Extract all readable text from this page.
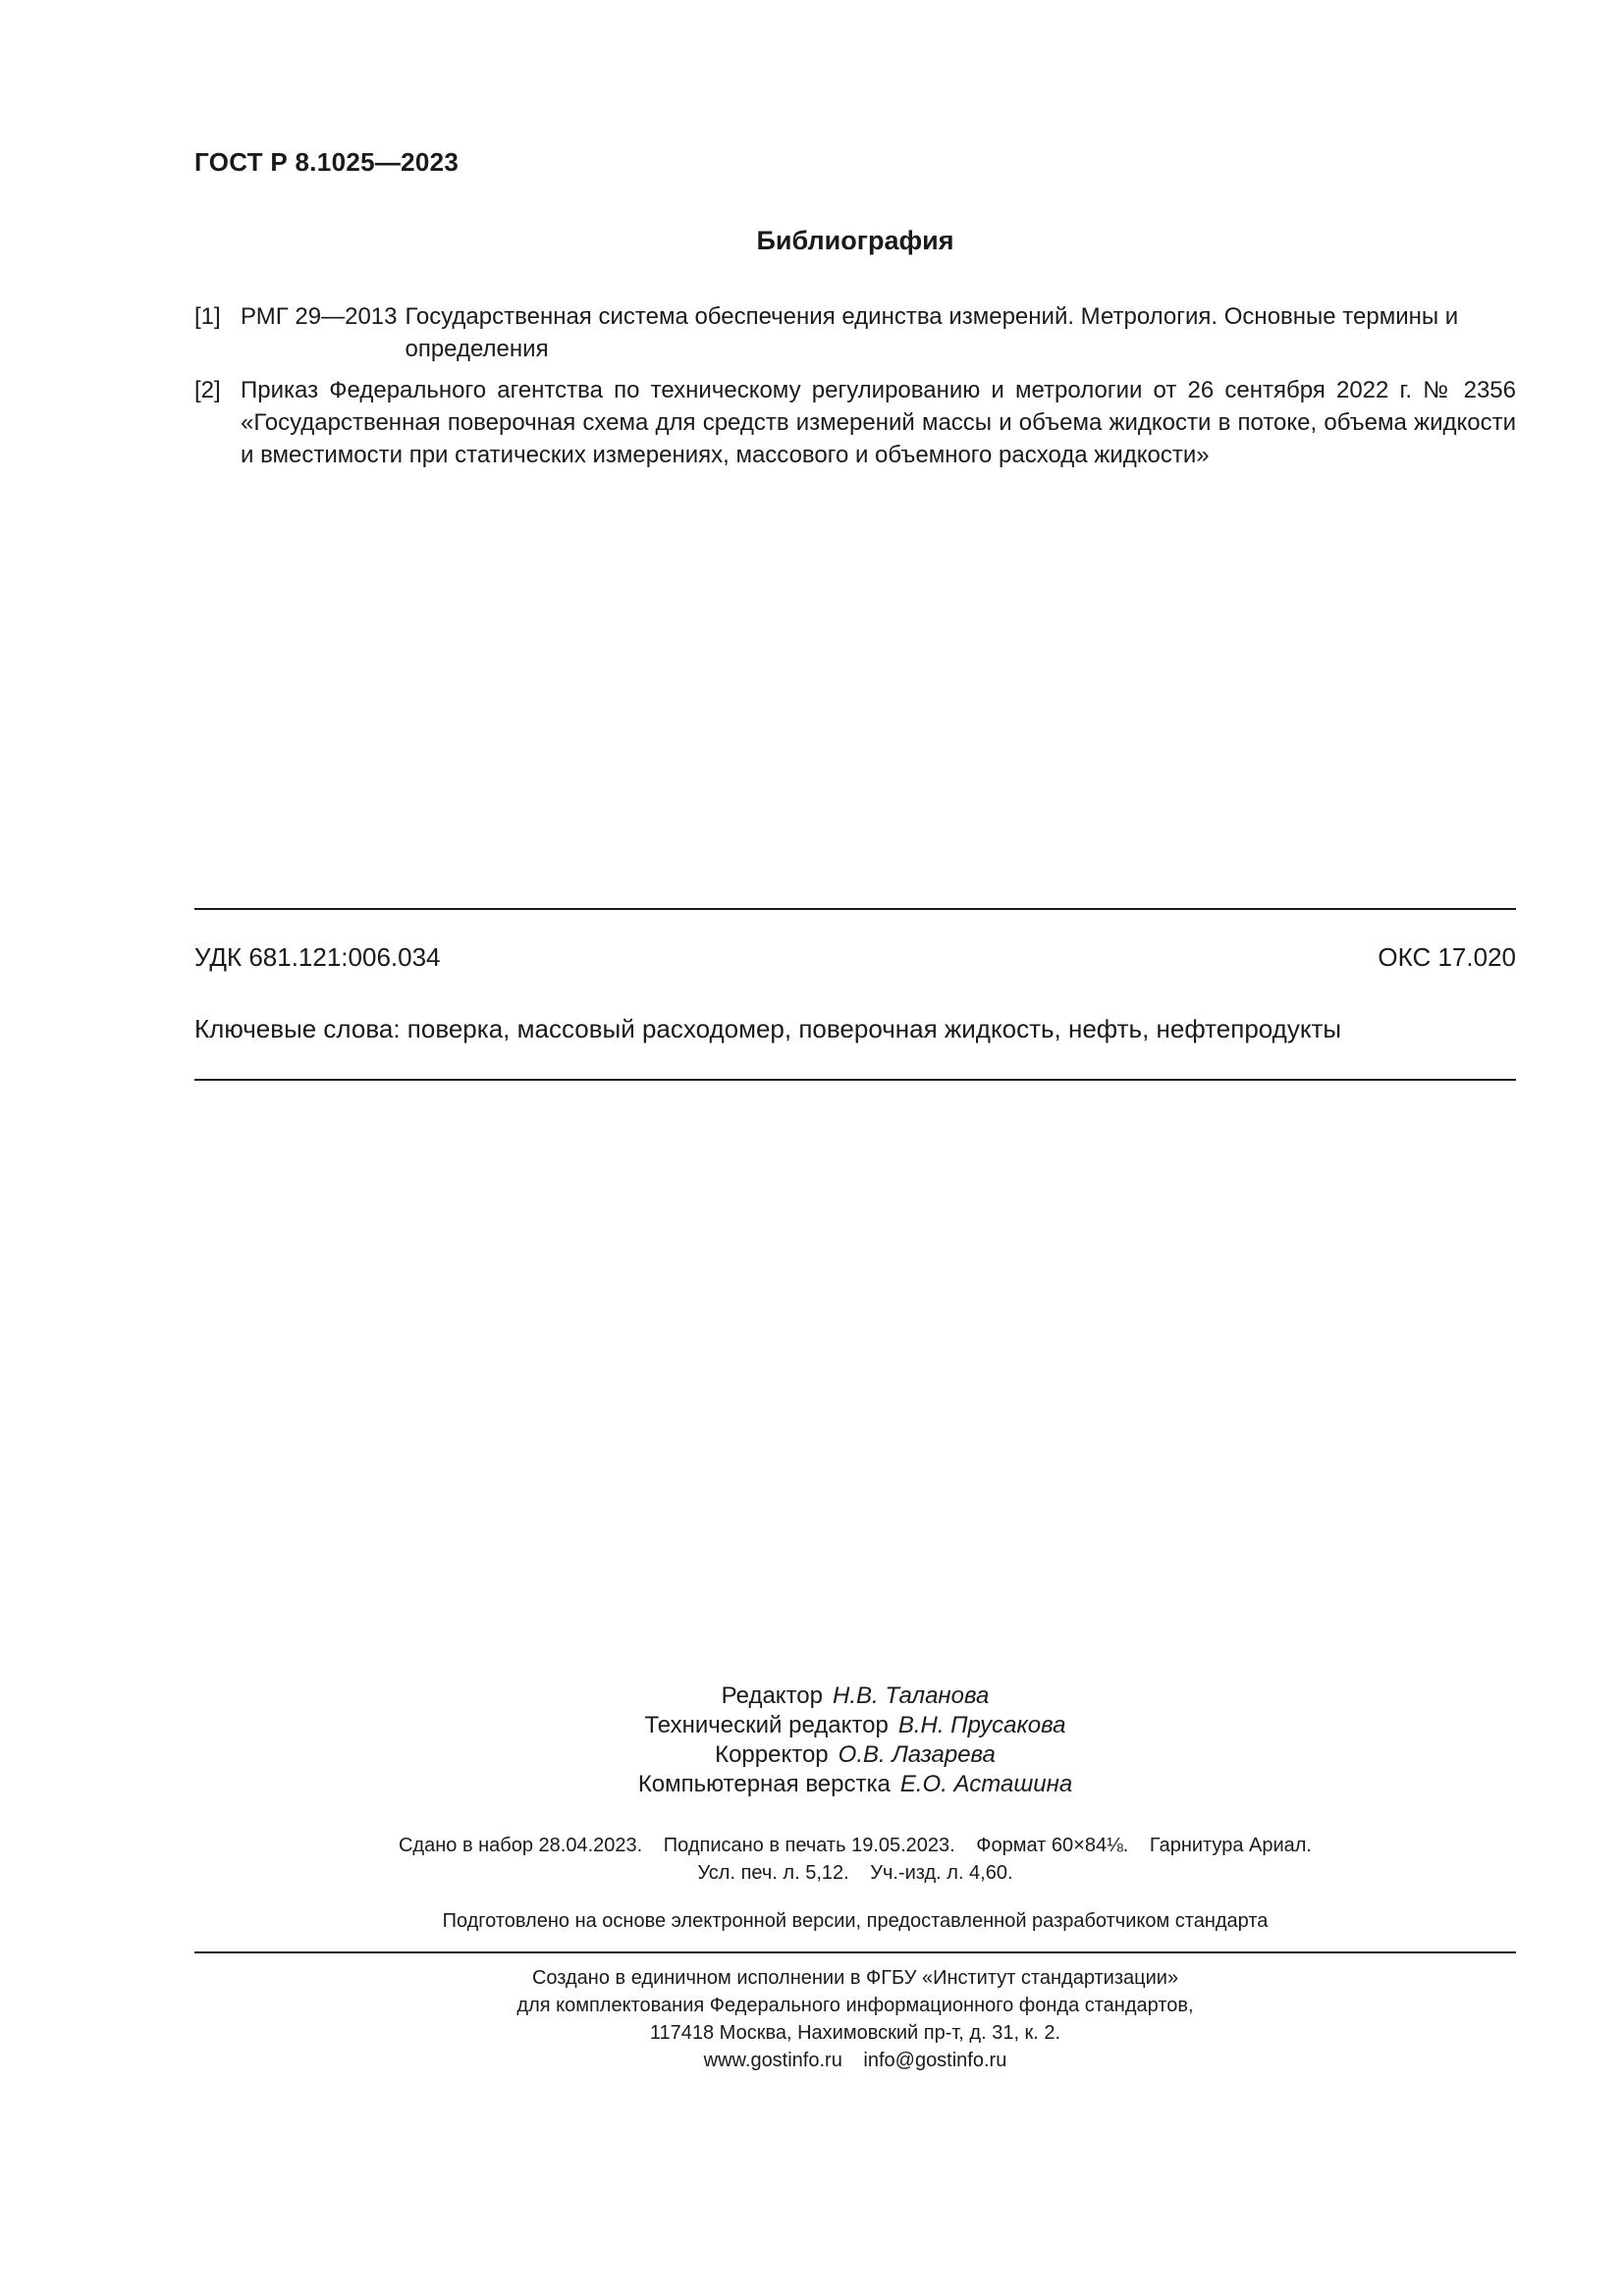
ГОСТ Р 8.1025—2023
Библиография
[1] РМГ 29—2013 Государственная система обеспечения единства измерений. Метрология. Основные термины и определения
[2] Приказ Федерального агентства по техническому регулированию и метрологии от 26 сентября 2022 г. № 2356 «Государственная поверочная схема для средств измерений массы и объема жидкости в потоке, объема жидкости и вместимости при статических измерениях, массового и объемного расхода жидкости»
УДК 681.121:006.034	ОКС 17.020
Ключевые слова: поверка, массовый расходомер, поверочная жидкость, нефть, нефтепродукты
Редактор Н.В. Таланова
Технический редактор В.Н. Прусакова
Корректор О.В. Лазарева
Компьютерная верстка Е.О. Асташина
Сдано в набор 28.04.2023. Подписано в печать 19.05.2023. Формат 60×84⅛. Гарнитура Ариал.
Усл. печ. л. 5,12. Уч.-изд. л. 4,60.
Подготовлено на основе электронной версии, предоставленной разработчиком стандарта
Создано в единичном исполнении в ФГБУ «Институт стандартизации»
для комплектования Федерального информационного фонда стандартов,
117418 Москва, Нахимовский пр-т, д. 31, к. 2.
www.gostinfo.ru info@gostinfo.ru
